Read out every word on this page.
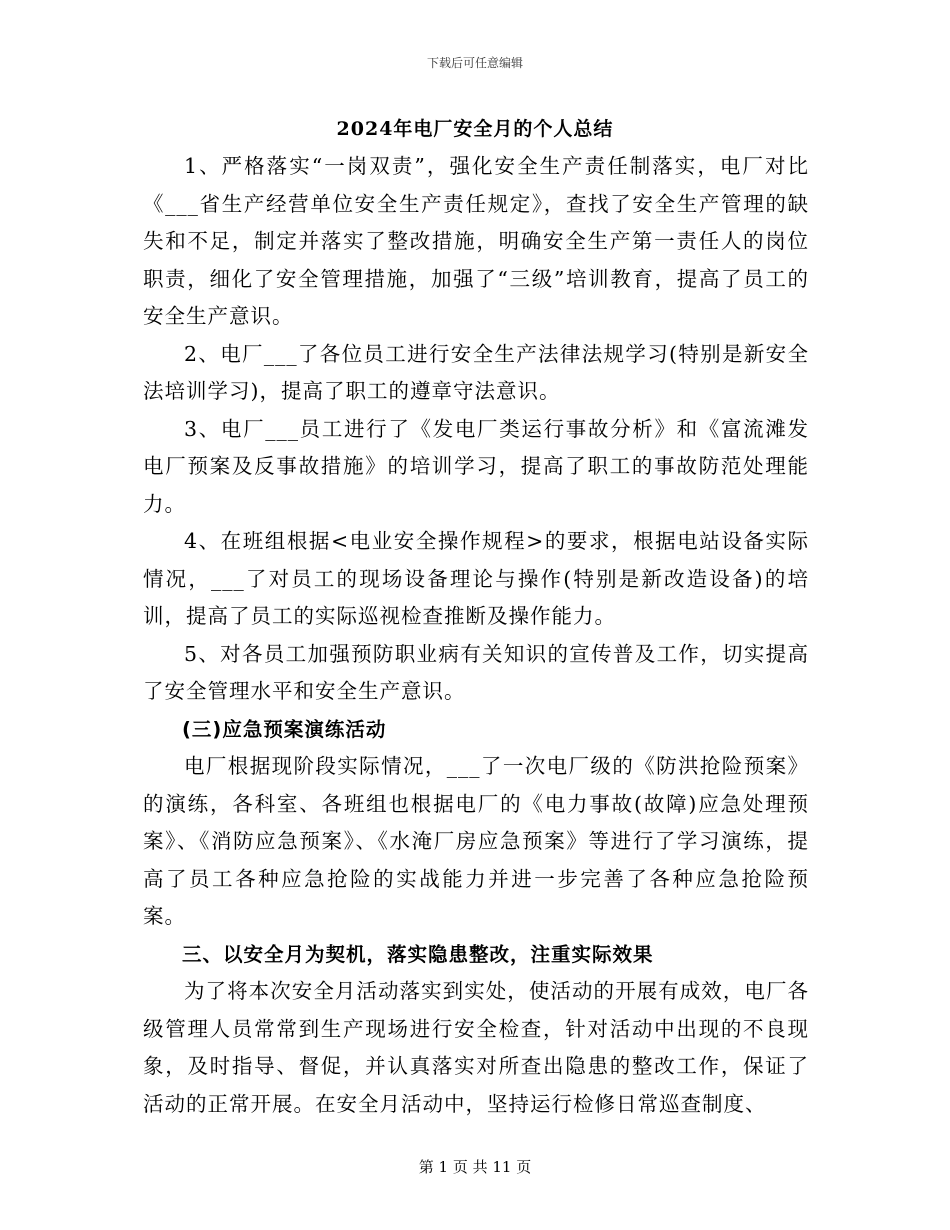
下载后可任意编辑
2024年电厂安全月的个人总结

1、严格落实“一岗双责”，强化安全生产责任制落实，电厂对比《___省生产经营单位安全生产责任规定》，查找了安全生产管理的缺失和不足，制定并落实了整改措施，明确安全生产第一责任人的岗位职责，细化了安全管理措施，加强了“三级”培训教育，提高了员工的安全生产意识。

2、电厂___了各位员工进行安全生产法律法规学习(特别是新安全法培训学习)，提高了职工的遵章守法意识。

3、电厂___员工进行了《发电厂类运行事故分析》和《富流滩发电厂预案及反事故措施》的培训学习，提高了职工的事故防范处理能力。

4、在班组根据<电业安全操作规程>的要求，根据电站设备实际情况，___了对员工的现场设备理论与操作(特别是新改造设备)的培训，提高了员工的实际巡视检查推断及操作能力。

5、对各员工加强预防职业病有关知识的宣传普及工作，切实提高了安全管理水平和安全生产意识。

(三)应急预案演练活动

电厂根据现阶段实际情况，___了一次电厂级的《防洪抢险预案》的演练，各科室、各班组也根据电厂的《电力事故(故障)应急处理预案》、《消防应急预案》、《水淹厂房应急预案》等进行了学习演练，提高了员工各种应急抢险的实战能力并进一步完善了各种应急抢险预案。

三、以安全月为契机，落实隐患整改，注重实际效果

为了将本次安全月活动落实到实处，使活动的开展有成效，电厂各级管理人员常常到生产现场进行安全检查，针对活动中出现的不良现象，及时指导、督促，并认真落实对所查出隐患的整改工作，保证了活动的正常开展。在安全月活动中，坚持运行检修日常巡查制度、

第 1 页 共 11 页
